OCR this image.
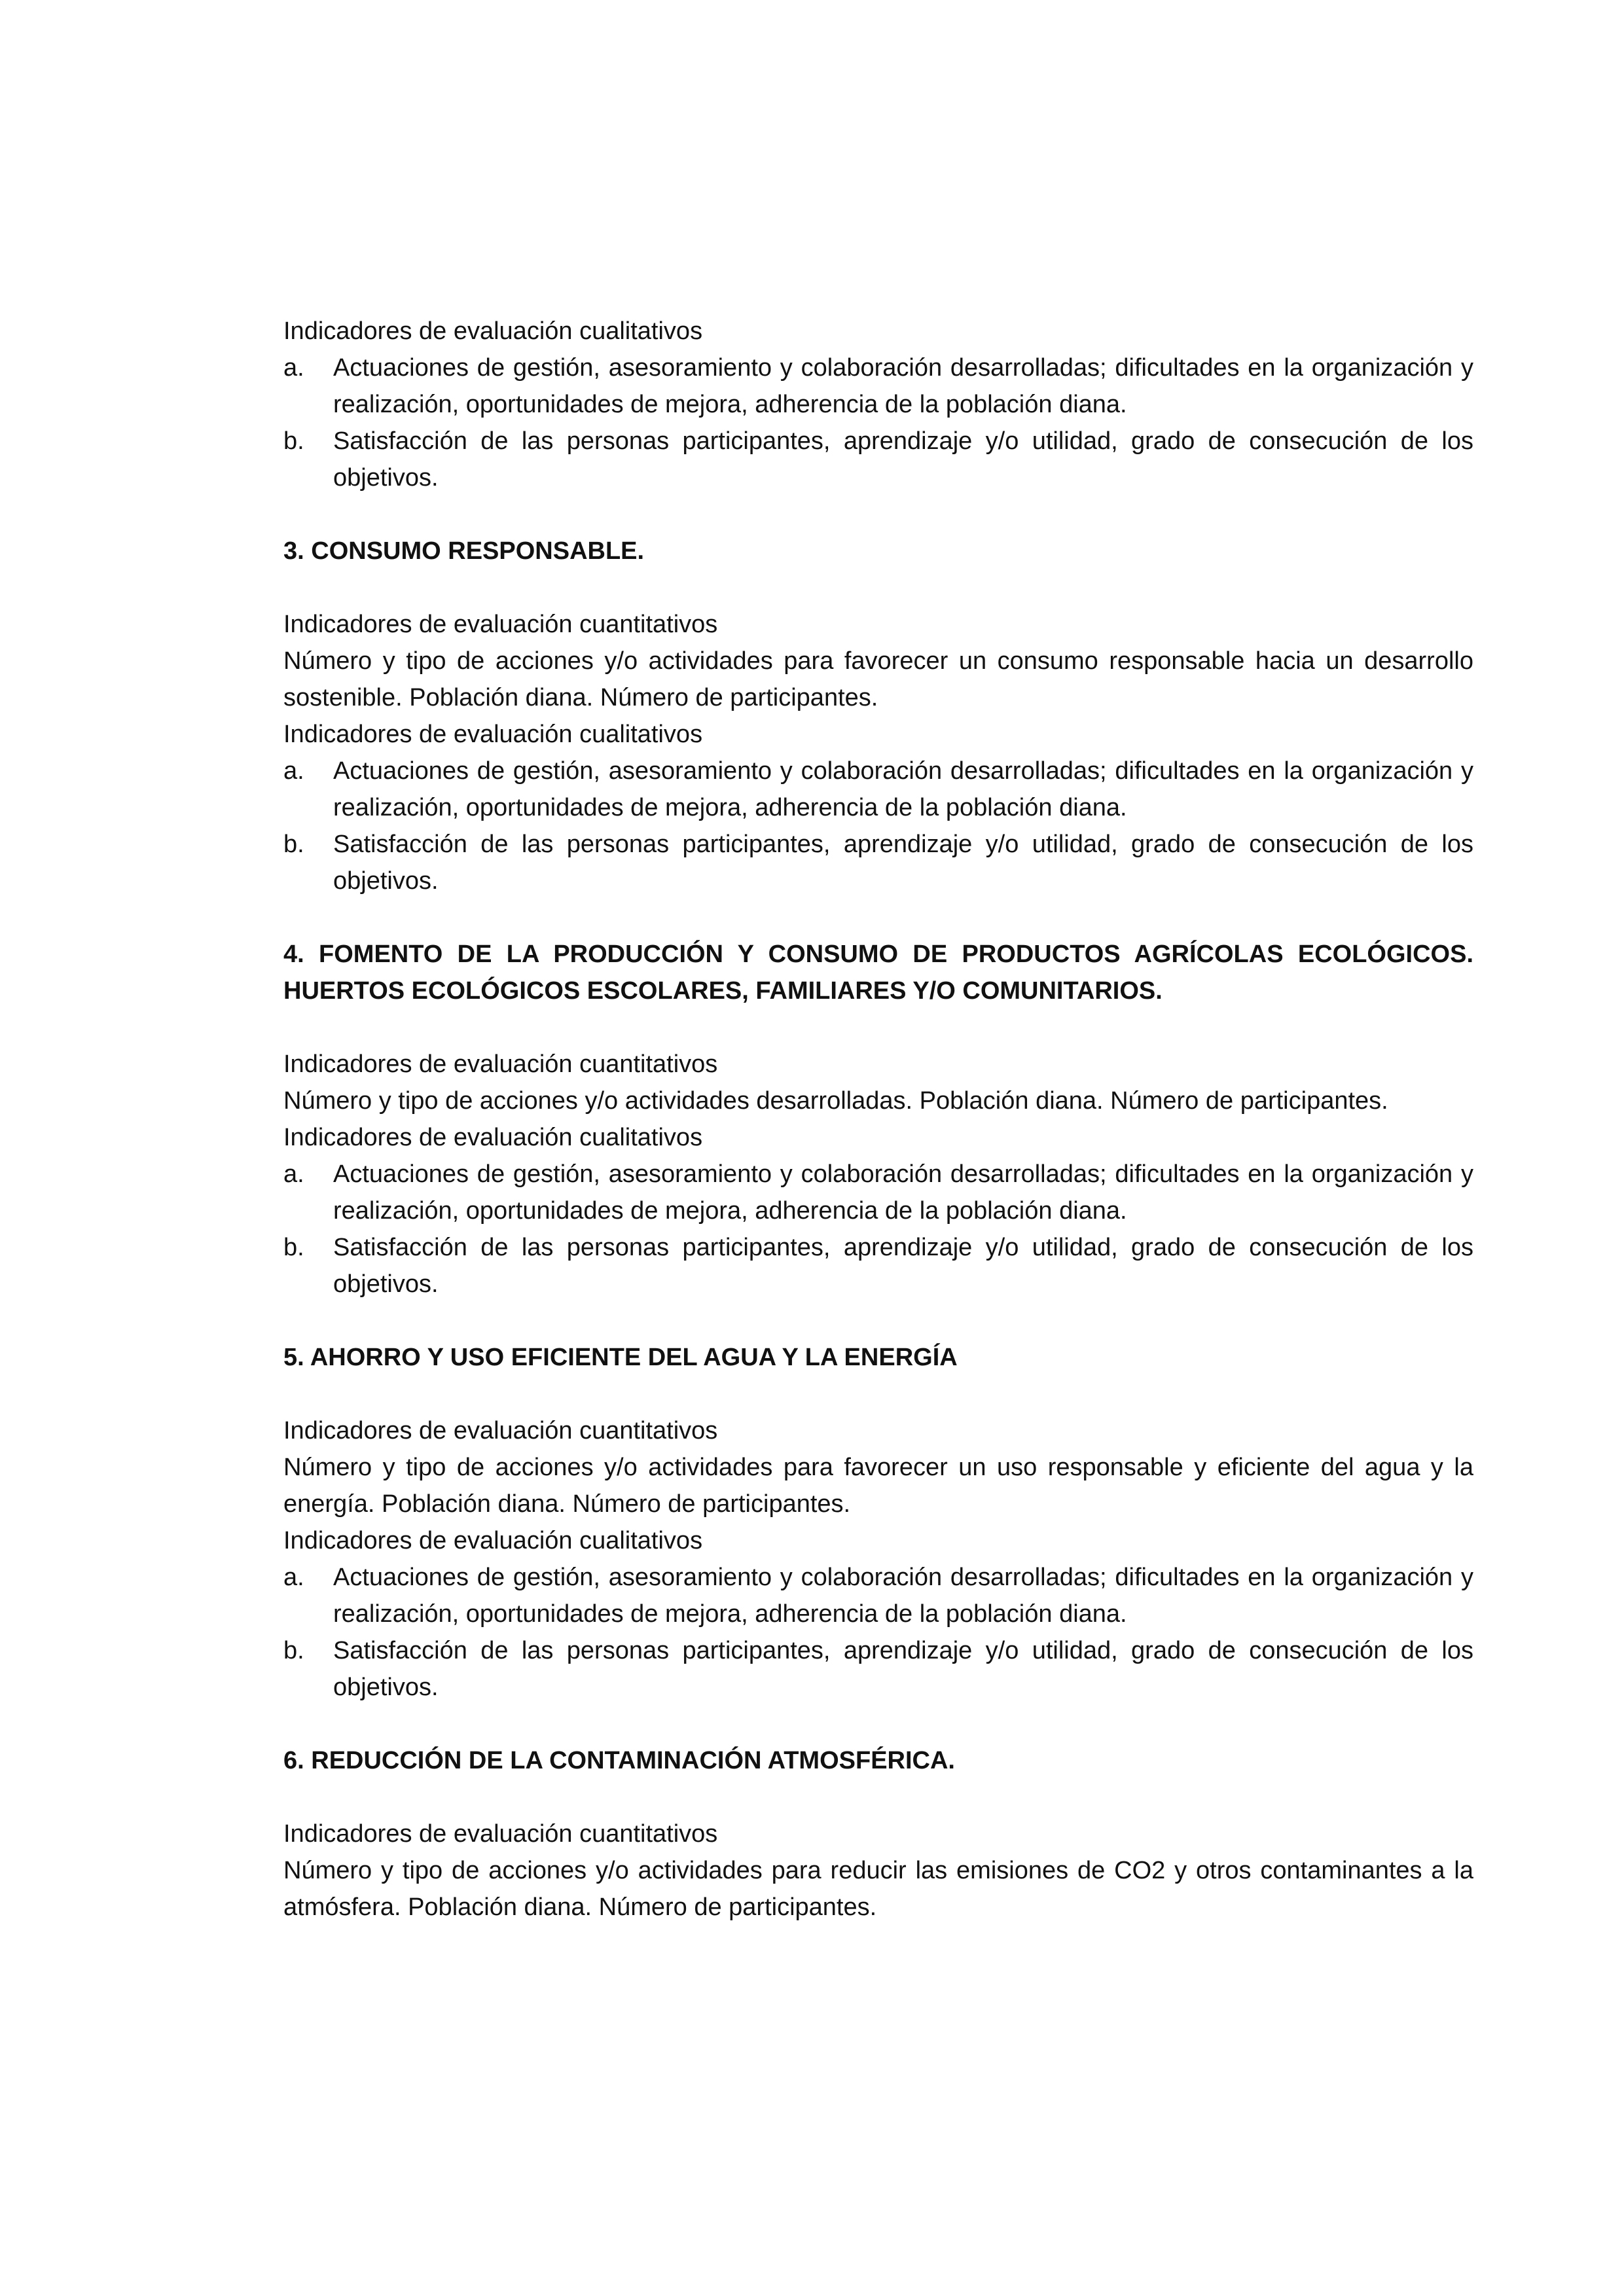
Indicadores de evaluación cualitativos

a. Actuaciones de gestión, asesoramiento y colaboración desarrolladas; dificultades en la organización y realización, oportunidades de mejora, adherencia de la población diana.
b. Satisfacción de las personas participantes, aprendizaje y/o utilidad, grado de consecución de los objetivos.

3. CONSUMO RESPONSABLE.

Indicadores de evaluación cuantitativos

Número y tipo de acciones y/o actividades para favorecer un consumo responsable hacia un desarrollo sostenible. Población diana. Número de participantes.

Indicadores de evaluación cualitativos

a. Actuaciones de gestión, asesoramiento y colaboración desarrolladas; dificultades en la organización y realización, oportunidades de mejora, adherencia de la población diana.
b. Satisfacción de las personas participantes, aprendizaje y/o utilidad, grado de consecución de los objetivos.

4. FOMENTO DE LA PRODUCCIÓN Y CONSUMO DE PRODUCTOS AGRÍCOLAS ECOLÓGICOS. HUERTOS ECOLÓGICOS ESCOLARES, FAMILIARES Y/O COMUNITARIOS.

Indicadores de evaluación cuantitativos

Número y tipo de acciones y/o actividades desarrolladas. Población diana. Número de participantes.

Indicadores de evaluación cualitativos

a. Actuaciones de gestión, asesoramiento y colaboración desarrolladas; dificultades en la organización y realización, oportunidades de mejora, adherencia de la población diana.
b. Satisfacción de las personas participantes, aprendizaje y/o utilidad, grado de consecución de los objetivos.

5. AHORRO Y USO EFICIENTE DEL AGUA Y LA ENERGÍA

Indicadores de evaluación cuantitativos

Número y tipo de acciones y/o actividades para favorecer un uso responsable y eficiente del agua y la energía. Población diana. Número de participantes.

Indicadores de evaluación cualitativos

a. Actuaciones de gestión, asesoramiento y colaboración desarrolladas; dificultades en la organización y realización, oportunidades de mejora, adherencia de la población diana.
b. Satisfacción de las personas participantes, aprendizaje y/o utilidad, grado de consecución de los objetivos.

6. REDUCCIÓN DE LA CONTAMINACIÓN ATMOSFÉRICA.

Indicadores de evaluación cuantitativos

Número y tipo de acciones y/o actividades para reducir las emisiones de CO2 y otros contaminantes a la atmósfera. Población diana. Número de participantes.
